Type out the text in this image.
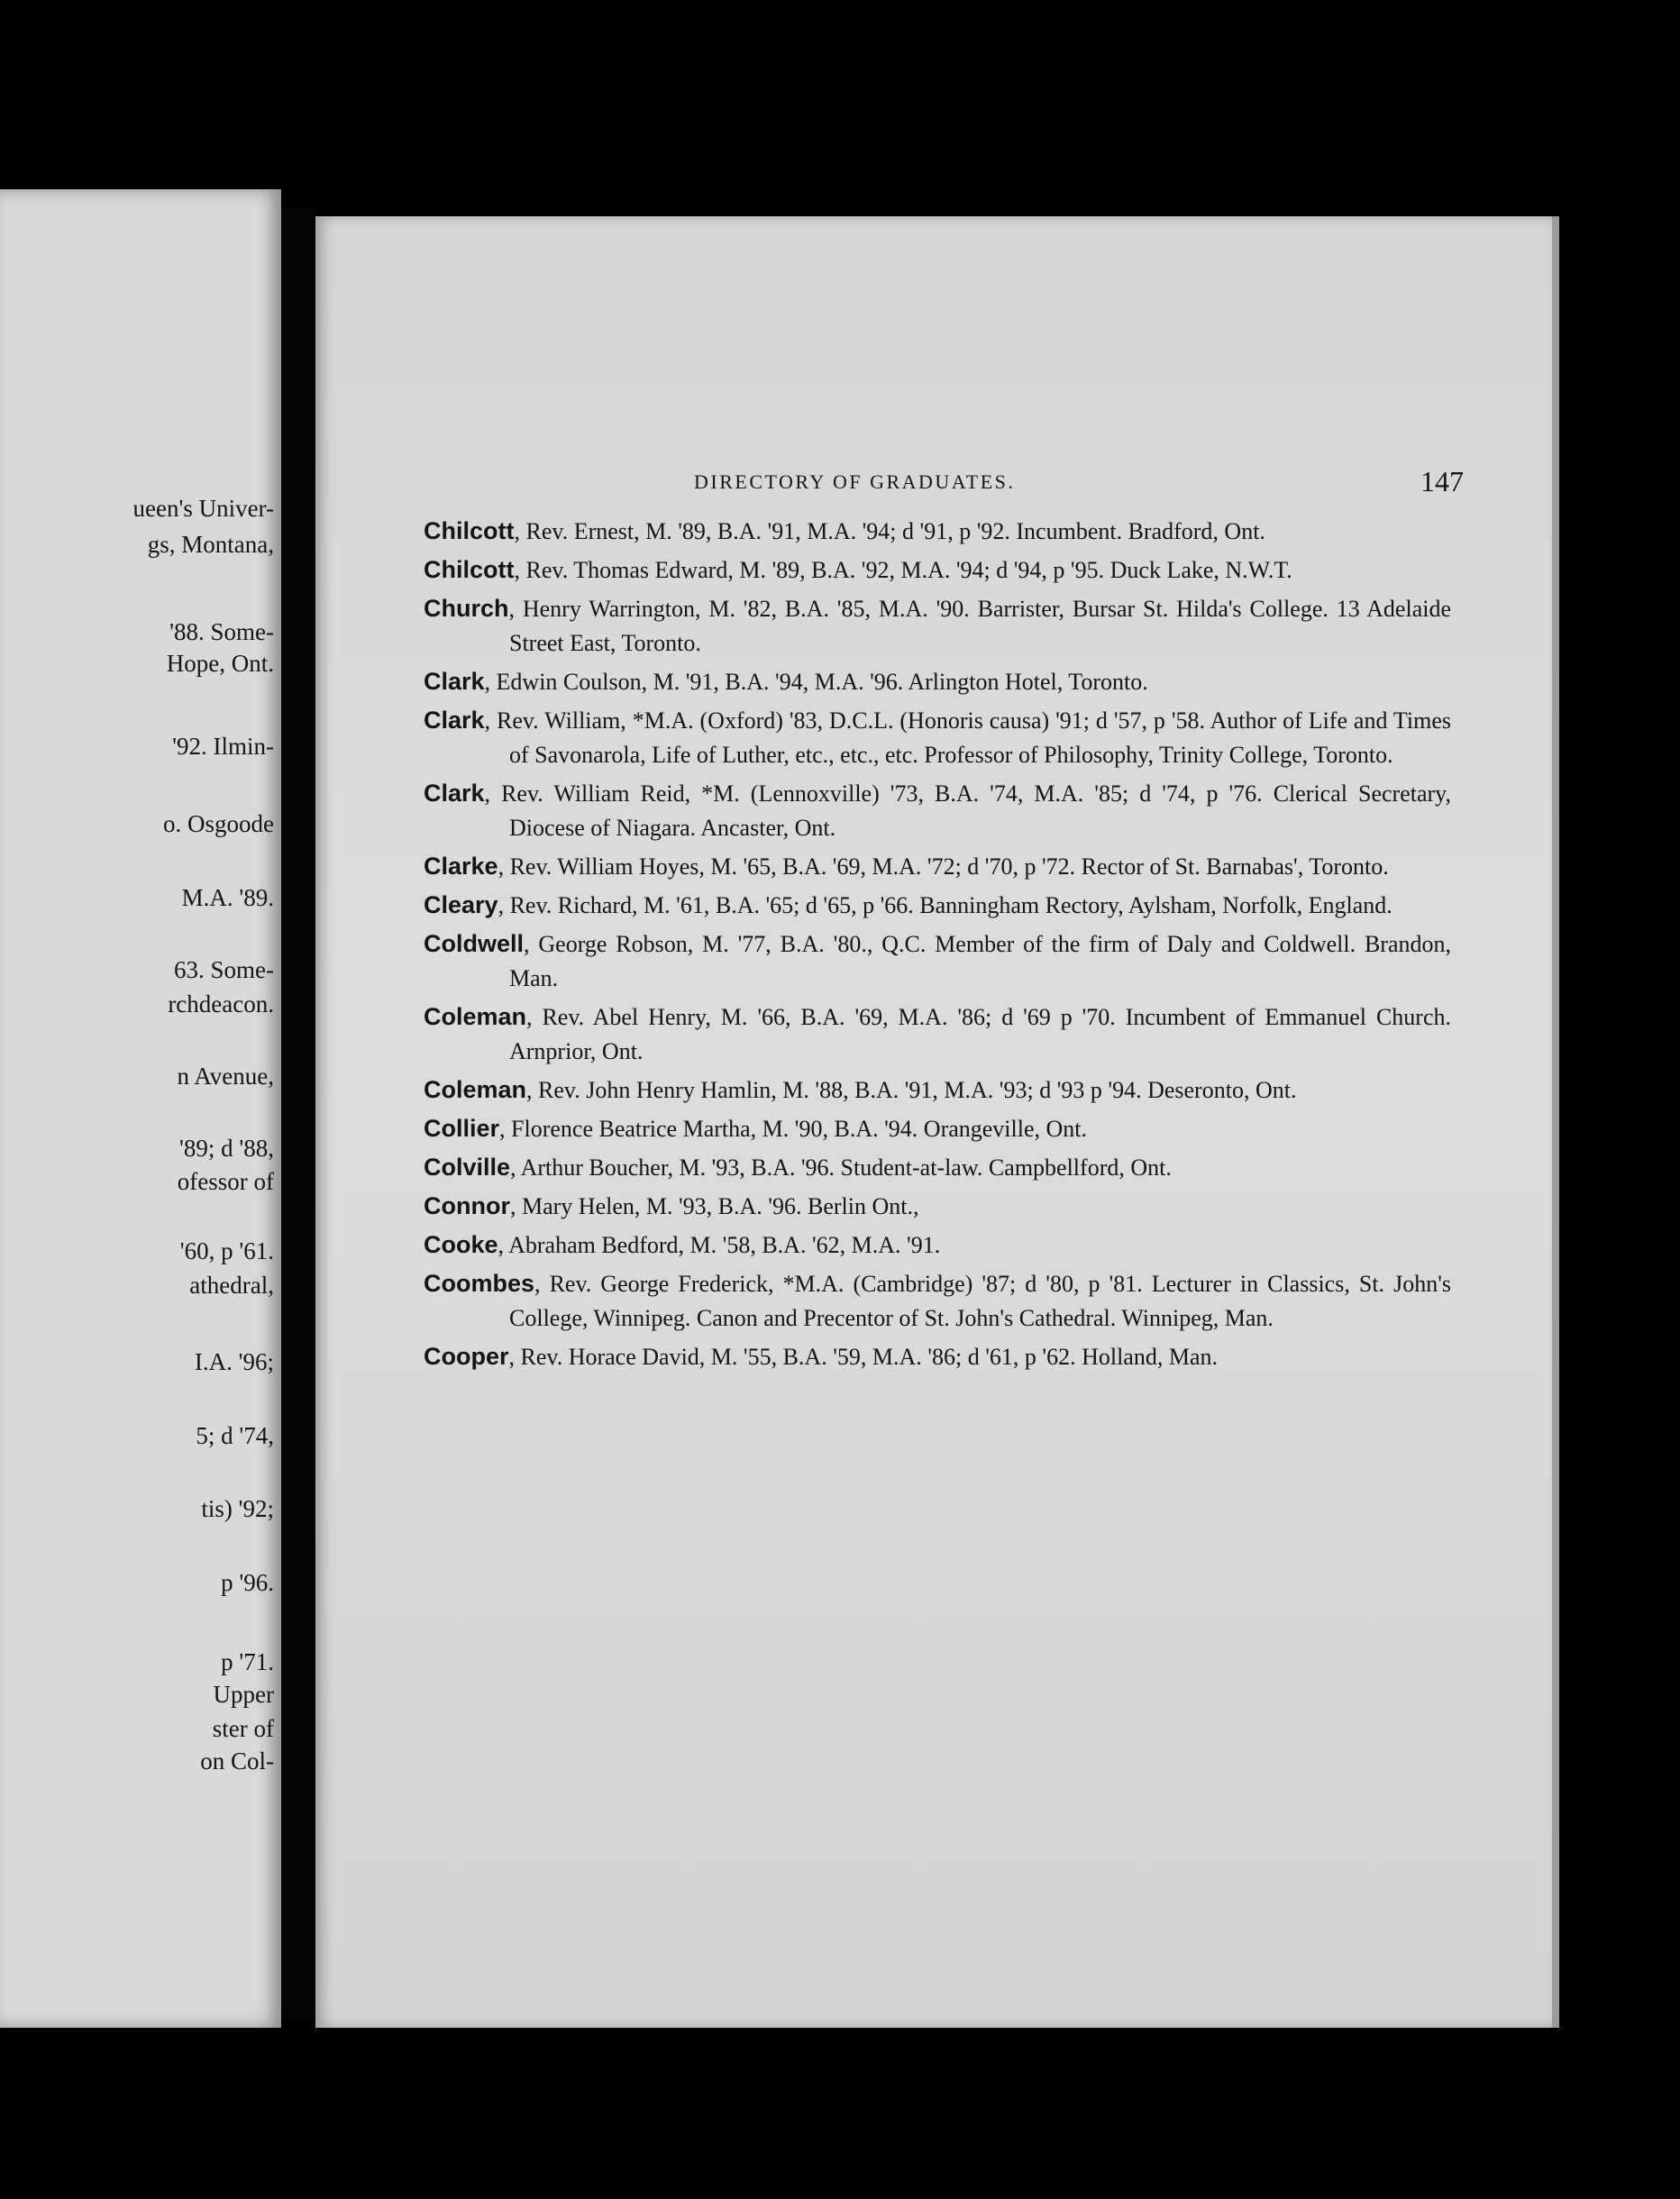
ueen's Univer-
gs, Montana,
'88. Some-
Hope, Ont.
'92. Ilmin-
o. Osgoode
M.A. '89.
63. Some-
rchdeacon.
n Avenue,
'89; d '88,
ofessor of
'60, p '61.
athedral,
I.A. '96;
5; d '74,
tis) '92;
p '96.
p '71.
Upper
ster of
on Col-
DIRECTORY OF GRADUATES.	147
Chilcott, Rev. Ernest, M. '89, B.A. '91, M.A. '94; d '91, p '92. Incumbent. Bradford, Ont.
Chilcott, Rev. Thomas Edward, M. '89, B.A. '92, M.A. '94; d '94, p '95. Duck Lake, N.W.T.
Church, Henry Warrington, M. '82, B.A. '85, M.A. '90. Barrister, Bursar St. Hilda's College. 13 Adelaide Street East, Toronto.
Clark, Edwin Coulson, M. '91, B.A. '94, M.A. '96. Arlington Hotel, Toronto.
Clark, Rev. William, *M.A. (Oxford) '83, D.C.L. (Honoris causa) '91; d '57, p '58. Author of Life and Times of Savonarola, Life of Luther, etc., etc., etc. Professor of Philosophy, Trinity College, Toronto.
Clark, Rev. William Reid, *M. (Lennoxville) '73, B.A. '74, M.A. '85; d '74, p '76. Clerical Secretary, Diocese of Niagara. Ancaster, Ont.
Clarke, Rev. William Hoyes, M. '65, B.A. '69, M.A. '72; d '70, p '72. Rector of St. Barnabas', Toronto.
Cleary, Rev. Richard, M. '61, B.A. '65; d '65, p '66. Banningham Rectory, Aylsham, Norfolk, England.
Coldwell, George Robson, M. '77, B.A. '80., Q.C. Member of the firm of Daly and Coldwell. Brandon, Man.
Coleman, Rev. Abel Henry, M. '66, B.A. '69, M.A. '86; d '69 p '70. Incumbent of Emmanuel Church. Arnprior, Ont.
Coleman, Rev. John Henry Hamlin, M. '88, B.A. '91, M.A. '93; d '93 p '94. Deseronto, Ont.
Collier, Florence Beatrice Martha, M. '90, B.A. '94. Orangeville, Ont.
Colville, Arthur Boucher, M. '93, B.A. '96. Student-at-law. Campbellford, Ont.
Connor, Mary Helen, M. '93, B.A. '96. Berlin Ont.,
Cooke, Abraham Bedford, M. '58, B.A. '62, M.A. '91.
Coombes, Rev. George Frederick, *M.A. (Cambridge) '87; d '80, p '81. Lecturer in Classics, St. John's College, Winnipeg. Canon and Precentor of St. John's Cathedral. Winnipeg, Man.
Cooper, Rev. Horace David, M. '55, B.A. '59, M.A. '86; d '61, p '62. Holland, Man.
